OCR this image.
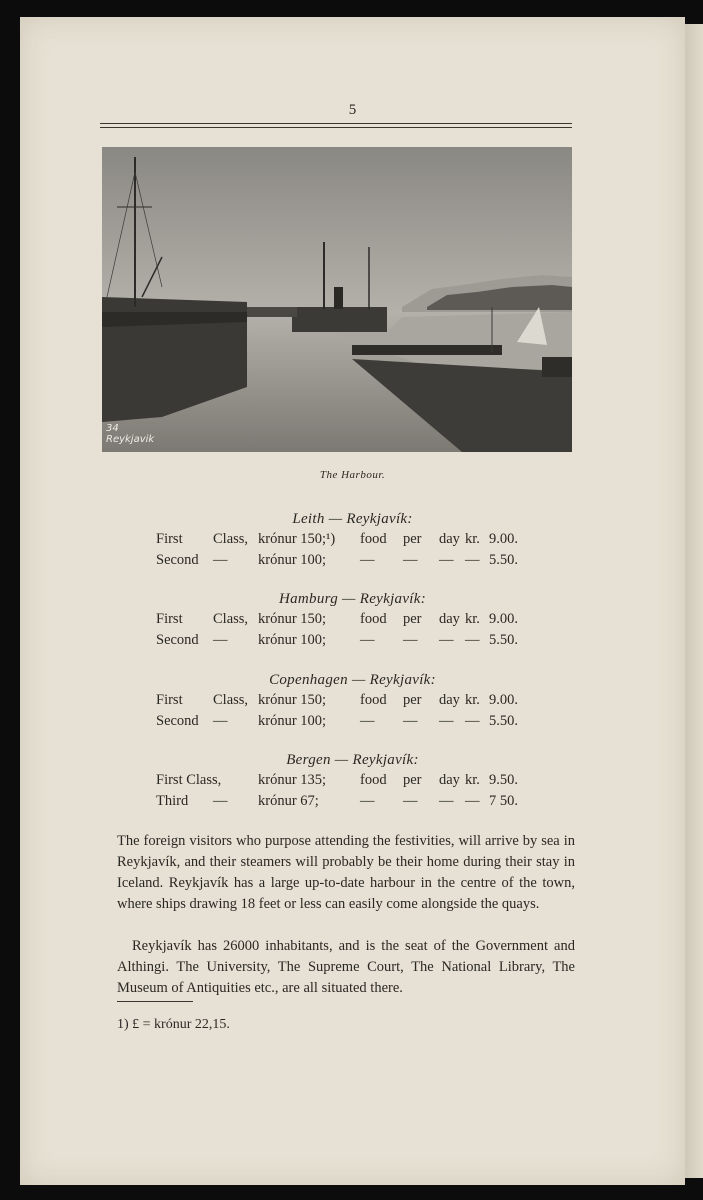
5
34
Reykjavik
The Harbour.
Leith — Reykjavík:
First Class, krónur 150;¹) food per day kr. 9.00.
Second — krónur 100; — — — — 5.50.
Hamburg — Reykjavík:
First Class, krónur 150; food per day kr. 9.00.
Second — krónur 100; — — — — 5.50.
Copenhagen — Reykjavík:
First Class, krónur 150; food per day kr. 9.00.
Second — krónur 100; — — — — 5.50.
Bergen — Reykjavík:
First Class,	krónur 135; food per day kr. 9.50.
Third — krónur 67;	— — — — 7 50.

The foreign visitors who purpose attending the festivities, will arrive by sea in Reykjavík, and their steamers will probably be their home during their stay in Iceland. Reykjavík has a large up-to-date harbour in the centre of the town, where ships drawing 18 feet or less can easily come alongside the quays.

Reykjavík has 26000 inhabitants, and is the seat of the Government and Althingi. The University, The Supreme Court, The National Library, The Museum of Antiquities etc., are all situated there.

1) £ = krónur 22,15.
